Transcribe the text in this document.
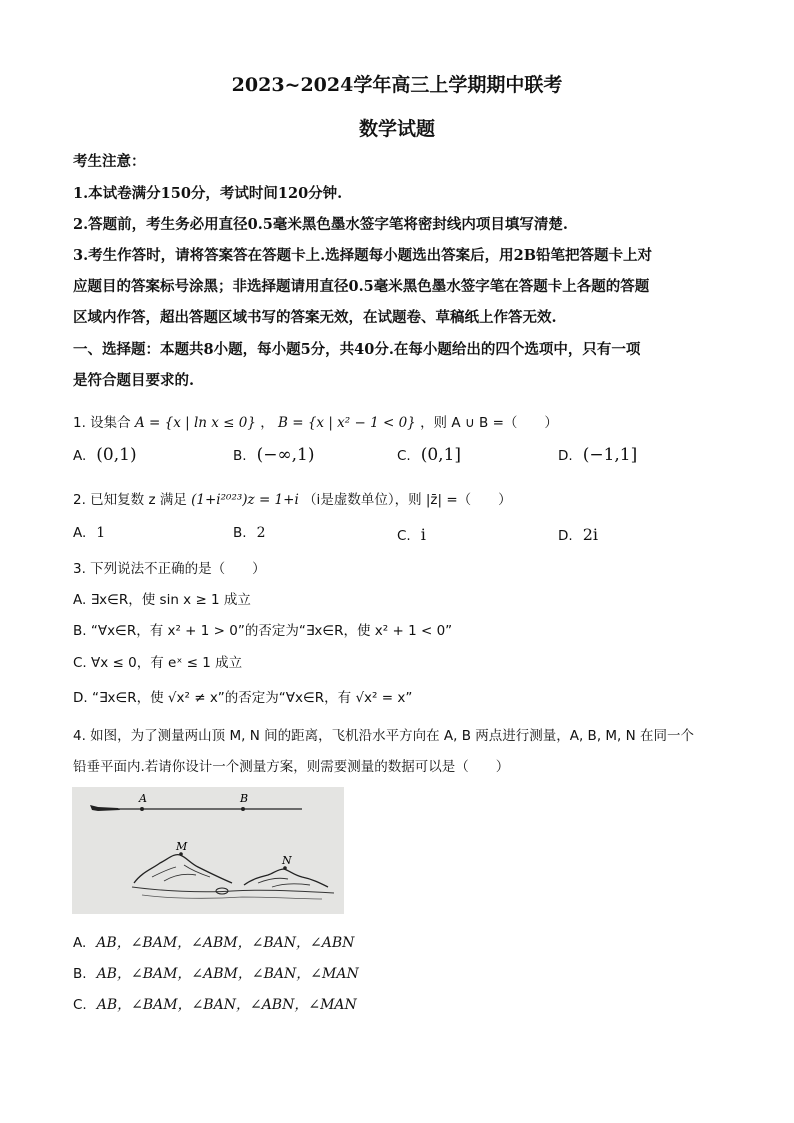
2023~2024学年高三上学期期中联考
数学试题
考生注意：
1.本试卷满分150分，考试时间120分钟.
2.答题前，考生务必用直径0.5毫米黑色墨水签字笔将密封线内项目填写清楚.
3.考生作答时，请将答案答在答题卡上.选择题每小题选出答案后，用2B铅笔把答题卡上对
应题目的答案标号涂黑；非选择题请用直径0.5毫米黑色墨水签字笔在答题卡上各题的答题
区域内作答，超出答题区域书写的答案无效，在试题卷、草稿纸上作答无效.
一、选择题：本题共8小题，每小题5分，共40分.在每小题给出的四个选项中，只有一项
是符合题目要求的.
1. 设集合 A = {x | ln x ≤ 0} ， B = {x | x² − 1 < 0} ，则 A ∪ B =（　　）
A. (0,1)	B. (−∞,1)	C. (0,1]	D. (−1,1]
2. 已知复数 z 满足 (1+i²⁰²³)z = 1+i （i是虚数单位），则 |z̄| =（　　）
A. 1	B. 2	C. i	D. 2i
3. 下列说法不正确的是（　　）
A. ∃x∈R，使 sin x ≥ 1 成立
B. “∀x∈R，有 x² + 1 > 0”的否定为“∃x∈R，使 x² + 1 < 0”
C. ∀x ≤ 0，有 eˣ ≤ 1 成立
D. “∃x∈R，使 √x² ≠ x”的否定为“∀x∈R，有 √x² = x”
4. 如图，为了测量两山顶 M, N 间的距离，飞机沿水平方向在 A, B 两点进行测量，A, B, M, N 在同一个
铅垂平面内.若请你设计一个测量方案，则需要测量的数据可以是（　　）
A	B
M
N
A. AB，∠BAM，∠ABM，∠BAN，∠ABN
B. AB，∠BAM，∠ABM，∠BAN，∠MAN
C. AB，∠BAM，∠BAN，∠ABN，∠MAN
